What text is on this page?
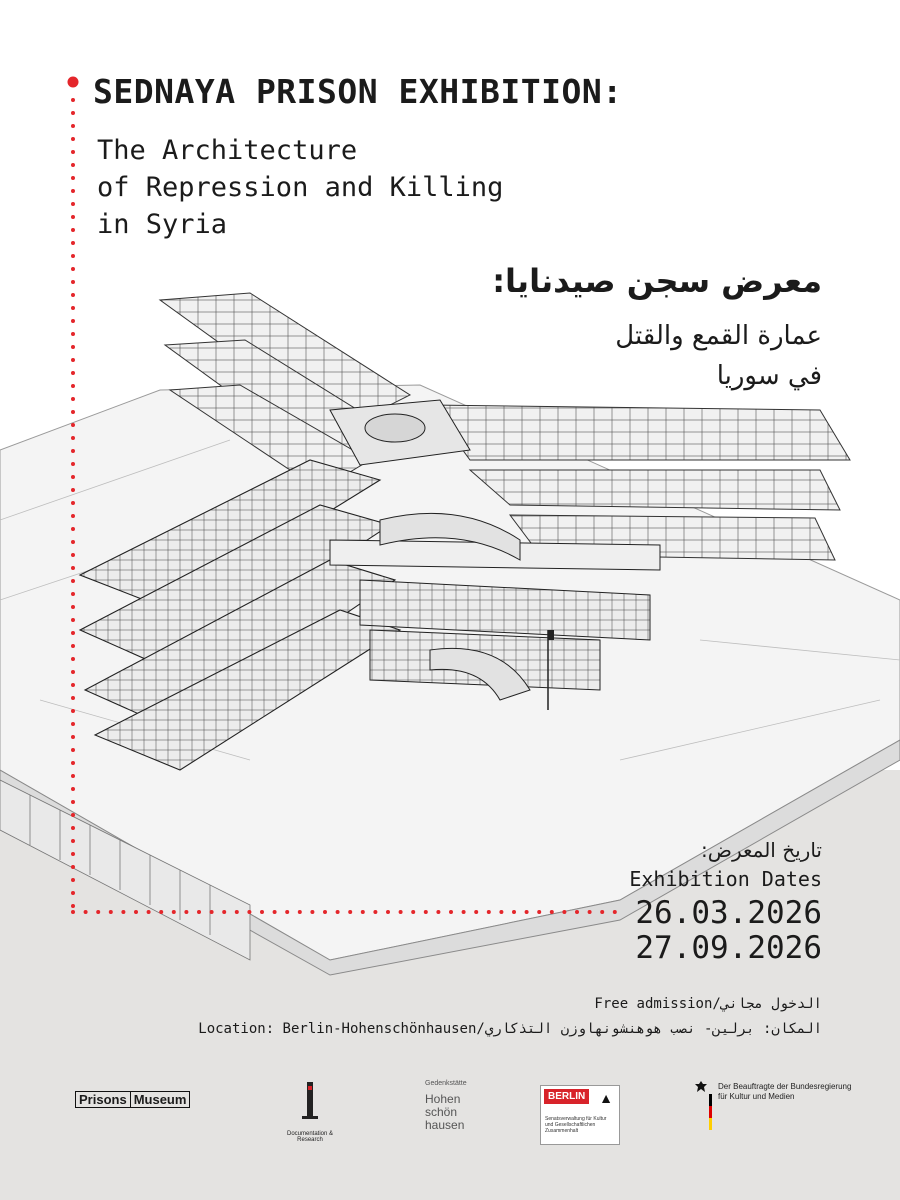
SEDNAYA PRISON EXHIBITION:
The Architecture
of Repression and Killing
in Syria
معرض سجن صيدنايا:
عمارة القمع والقتل
في سوريا
تاريخ المعرض:
Exhibition Dates
26.03.2026
27.09.2026
Free admission/الدخول مجاني
Location: Berlin-Hohenschönhausen/المكان: برلين- نصب هوهنشونهاوزن التذكاري
Prisons Museum
Documentation & Research
Gedenkstätte
Hohen
schön
hausen
BERLIN ▲
Senatsverwaltung für Kultur und Gesellschaftlichen Zusammenhalt
Der Beauftragte der Bundesregierung
für Kultur und Medien
